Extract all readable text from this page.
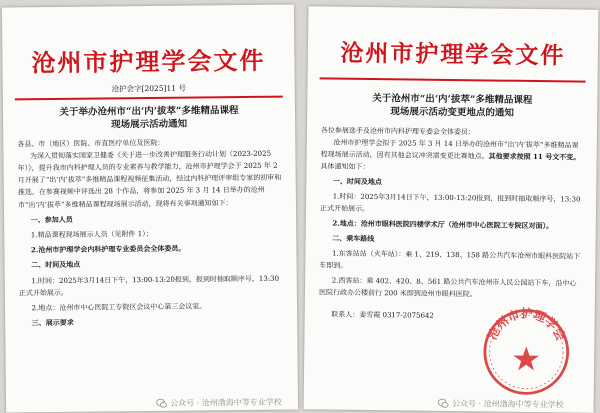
沧州市护理学会文件
沧护会字[2025]11 号
关于举办沧州市“出‘内’拔萃”多维精品课程
现场展示活动通知
各县、市（地区）医院、市直医疗单位及医院：
为深入贯彻落实国家卫健委《关于进一步改善护理服务行动计划（2023-2025 年）》，提升我市内科护理人员的专业素养与教学能力，沧州市护理学会于 2025 年 2 月开展了“出‘内’拔萃”多维精品课程视频征集活动，经过内科护理评审组专家的初审和推选，在参赛视频中评选出 28 个作品，将参加 2025 年 3 月 14 日举办的沧州市“出‘内’拔萃”多维精品课程现场展示活动，现将有关事项通知如下：
一、参加人员
1.精品课程现场展示人员（见附件 1）；
2.沧州市护理学会内科护理专业委员会全体委员。
二、时间及地点
1.时间：2025年3月14日下午，13:00-13:20报到，报到时抽取顺序号，13:30正式开始展示。
2.地点：沧州市中心医院工专院区会议中心第三会议室。
三、展示要求
公众号 · 沧州渤海中等专业学校
沧州市护理学会文件
关于沧州市“出‘内’拔萃”多维精品课程
现场展示活动变更地点的通知
各位参展选手及沧州市内科护理专委会全体委员：
沧州市护理学会拟于 2025 年 3 月 14 日举办的沧州市“出‘内’拔萃”多维精品课程现场展示活动，因有其他会议冲突需变更比赛地点。其他要求按照 11 号文不变。具体通知如下：
一、时间及地点
1.时间：2025年3月14日下午，13:00-13:20报到，报到时抽取顺序号，13:30正式开始展示。
2.地点：沧州市眼科医院四楼学术厅（沧州市中心医院工专院区对面）。
二、乘车路线
1.东客站站（火车站）：乘 1、219、138、158 路公共汽车沧州市眼科医院站下车即到。
2.西客站：乘 402、420、8、561 路公共汽车沧州市人民公园站下车，沿中心医院行政办公楼前行 200 米即到沧州市眼科医院。
联系人：姜雪霞 0317-2075642
沧州市护理学会
公众号 · 沧州渤海中等专业学校
